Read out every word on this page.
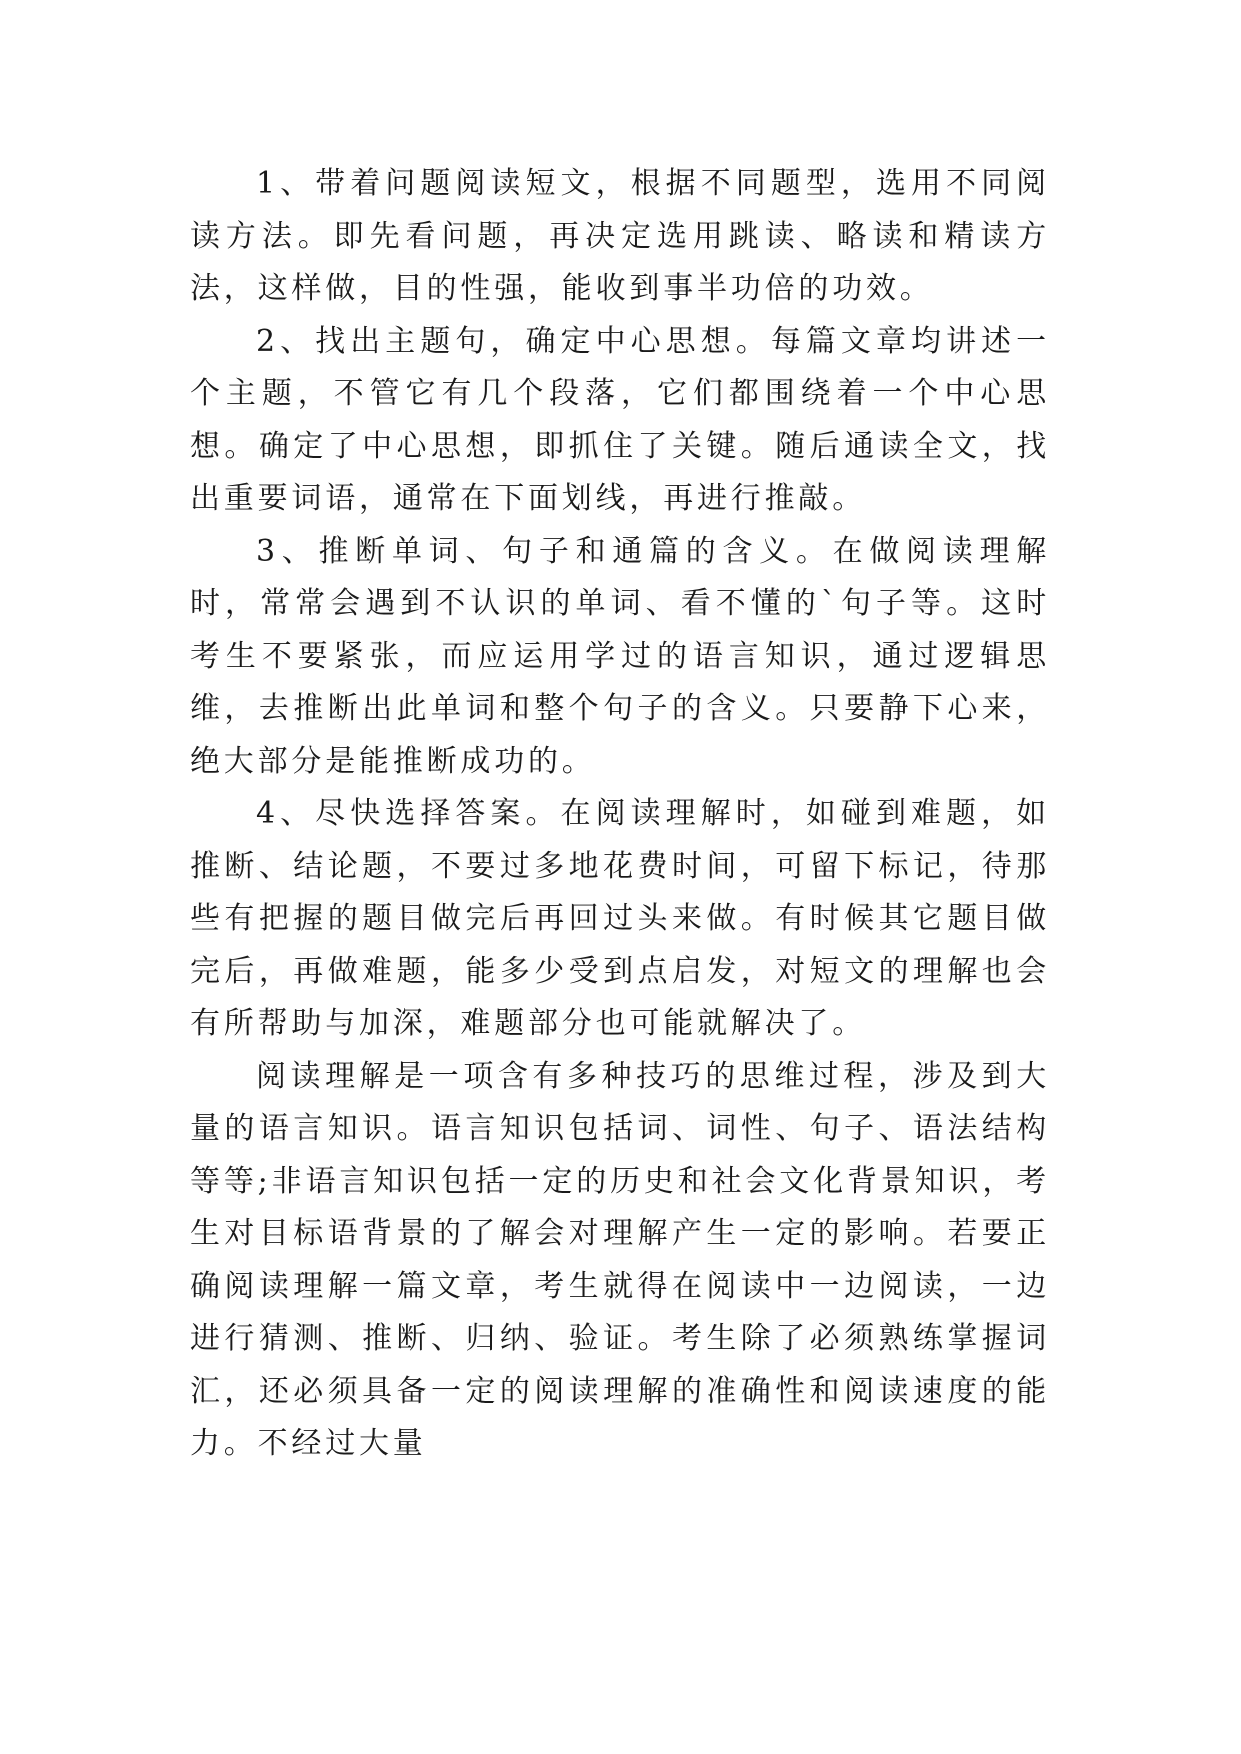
1、带着问题阅读短文，根据不同题型，选用不同阅读方法。即先看问题，再决定选用跳读、略读和精读方法，这样做，目的性强，能收到事半功倍的功效。

2、找出主题句，确定中心思想。每篇文章均讲述一个主题，不管它有几个段落，它们都围绕着一个中心思想。确定了中心思想，即抓住了关键。随后通读全文，找出重要词语，通常在下面划线，再进行推敲。

3、推断单词、句子和通篇的含义。在做阅读理解时，常常会遇到不认识的单词、看不懂的`句子等。这时考生不要紧张，而应运用学过的语言知识，通过逻辑思维，去推断出此单词和整个句子的含义。只要静下心来，绝大部分是能推断成功的。

4、尽快选择答案。在阅读理解时，如碰到难题，如推断、结论题，不要过多地花费时间，可留下标记，待那些有把握的题目做完后再回过头来做。有时候其它题目做完后，再做难题，能多少受到点启发，对短文的理解也会有所帮助与加深，难题部分也可能就解决了。

阅读理解是一项含有多种技巧的思维过程，涉及到大量的语言知识。语言知识包括词、词性、句子、语法结构等等;非语言知识包括一定的历史和社会文化背景知识，考生对目标语背景的了解会对理解产生一定的影响。若要正确阅读理解一篇文章，考生就得在阅读中一边阅读，一边进行猜测、推断、归纳、验证。考生除了必须熟练掌握词汇，还必须具备一定的阅读理解的准确性和阅读速度的能力。不经过大量
